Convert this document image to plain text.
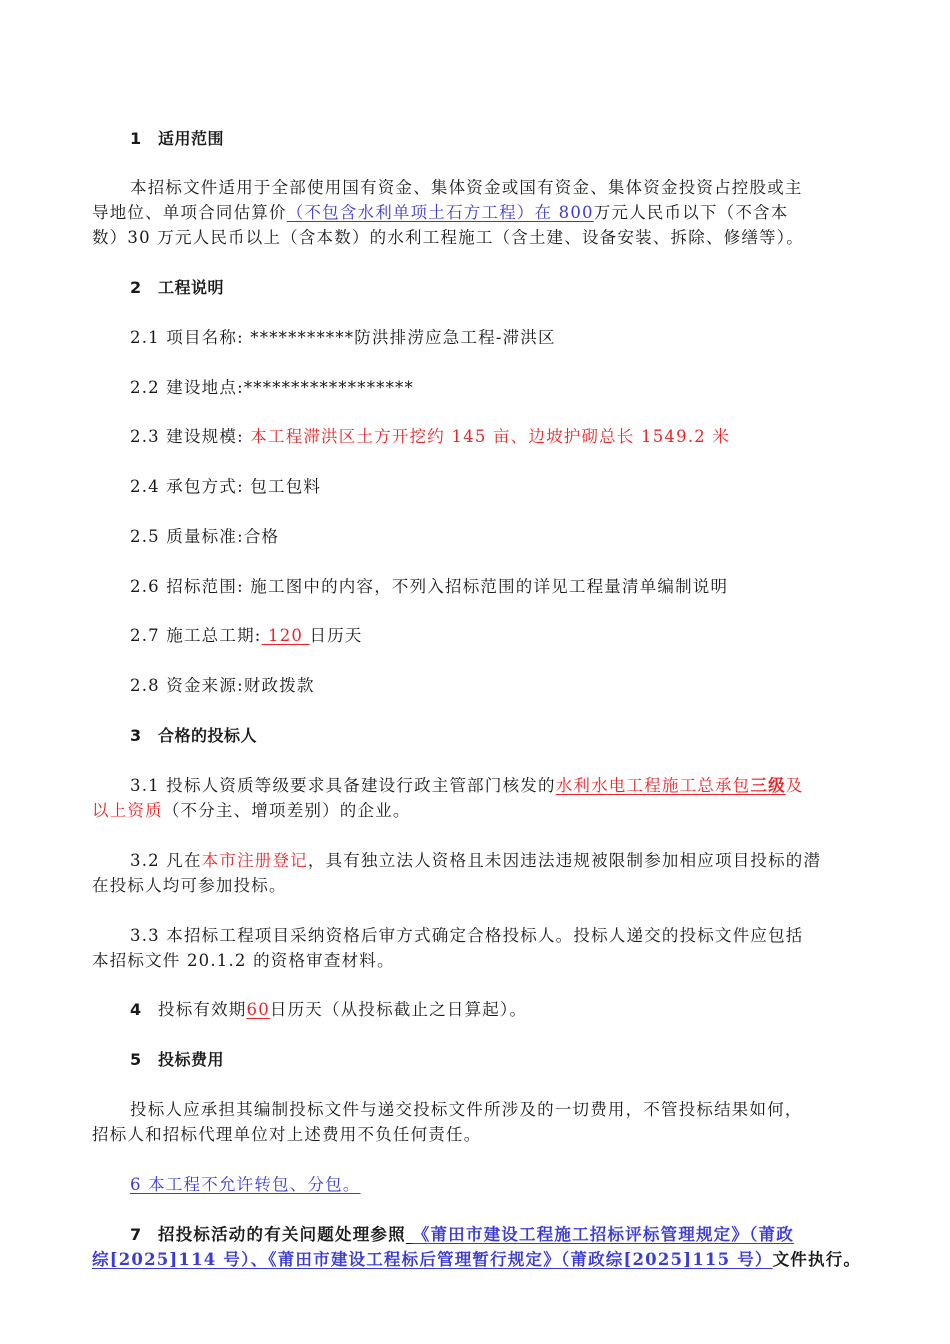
1 适用范围
本招标文件适用于全部使用国有资金、集体资金或国有资金、集体资金投资占控股或主
导地位、单项合同估算价（不包含水利单项土石方工程）在 800万元人民币以下（不含本
数）30 万元人民币以上（含本数）的水利工程施工（含土建、设备安装、拆除、修缮等）。
2 工程说明
2.1 项目名称: ***********防洪排涝应急工程-滞洪区
2.2 建设地点:******************
2.3 建设规模: 本工程滞洪区土方开挖约 145 亩、边坡护砌总长 1549.2 米
2.4 承包方式: 包工包料
2.5 质量标准:合格
2.6 招标范围: 施工图中的内容，不列入招标范围的详见工程量清单编制说明
2.7 施工总工期: 120 日历天
2.8 资金来源:财政拨款
3 合格的投标人
3.1 投标人资质等级要求具备建设行政主管部门核发的水利水电工程施工总承包三级及
以上资质（不分主、增项差别）的企业。
3.2 凡在本市注册登记，具有独立法人资格且未因违法违规被限制参加相应项目投标的潜
在投标人均可参加投标。
3.3 本招标工程项目采纳资格后审方式确定合格投标人。投标人递交的投标文件应包括
本招标文件 20.1.2 的资格审查材料。
4 投标有效期60日历天（从投标截止之日算起）。
5 投标费用
投标人应承担其编制投标文件与递交投标文件所涉及的一切费用，不管投标结果如何，
招标人和招标代理单位对上述费用不负任何责任。
6 本工程不允许转包、分包。
7 招投标活动的有关问题处理参照 《莆田市建设工程施工招标评标管理规定》（莆政
综[2025]114 号）、《莆田市建设工程标后管理暂行规定》（莆政综[2025]115 号）文件执行。
